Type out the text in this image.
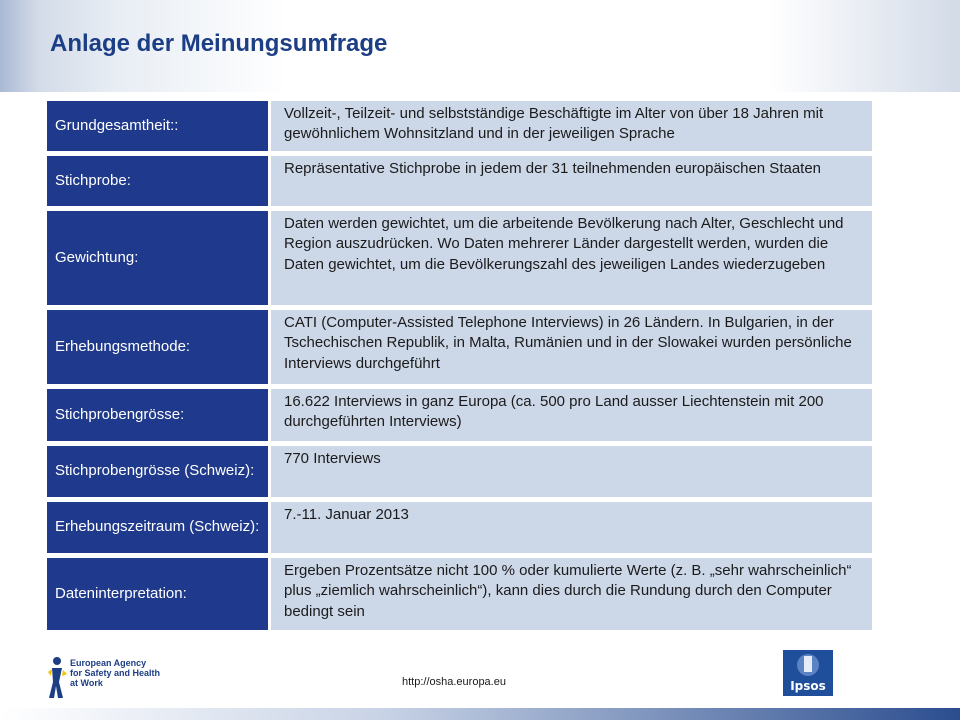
Anlage der Meinungsumfrage
Grundgesamtheit::
Vollzeit-, Teilzeit- und selbstständige Beschäftigte im Alter von über 18 Jahren mit gewöhnlichem Wohnsitzland und in der jeweiligen Sprache
Stichprobe:
Repräsentative Stichprobe in jedem der 31 teilnehmenden europäischen Staaten
Gewichtung:
Daten werden gewichtet, um die arbeitende Bevölkerung nach Alter, Geschlecht und Region auszudrücken. Wo Daten mehrerer Länder dargestellt werden, wurden die Daten gewichtet, um die Bevölkerungszahl des jeweiligen Landes wiederzugeben
Erhebungsmethode:
CATI (Computer-Assisted Telephone Interviews) in 26 Ländern. In Bulgarien, in der Tschechischen Republik, in Malta, Rumänien und in der Slowakei wurden persönliche Interviews durchgeführt
Stichprobengrösse:
16.622 Interviews in ganz Europa (ca. 500 pro Land ausser Liechtenstein mit 200 durchgeführten Interviews)
Stichprobengrösse (Schweiz):
770 Interviews
Erhebungszeitraum (Schweiz):
7.-11. Januar 2013
Dateninterpretation:
Ergeben Prozentsätze nicht 100 % oder kumulierte Werte (z. B. „sehr wahrscheinlich“ plus „ziemlich wahrscheinlich“), kann dies durch die Rundung durch den Computer bedingt sein
European Agency
for Safety and Health
at Work	http://osha.europa.eu	Ipsos
